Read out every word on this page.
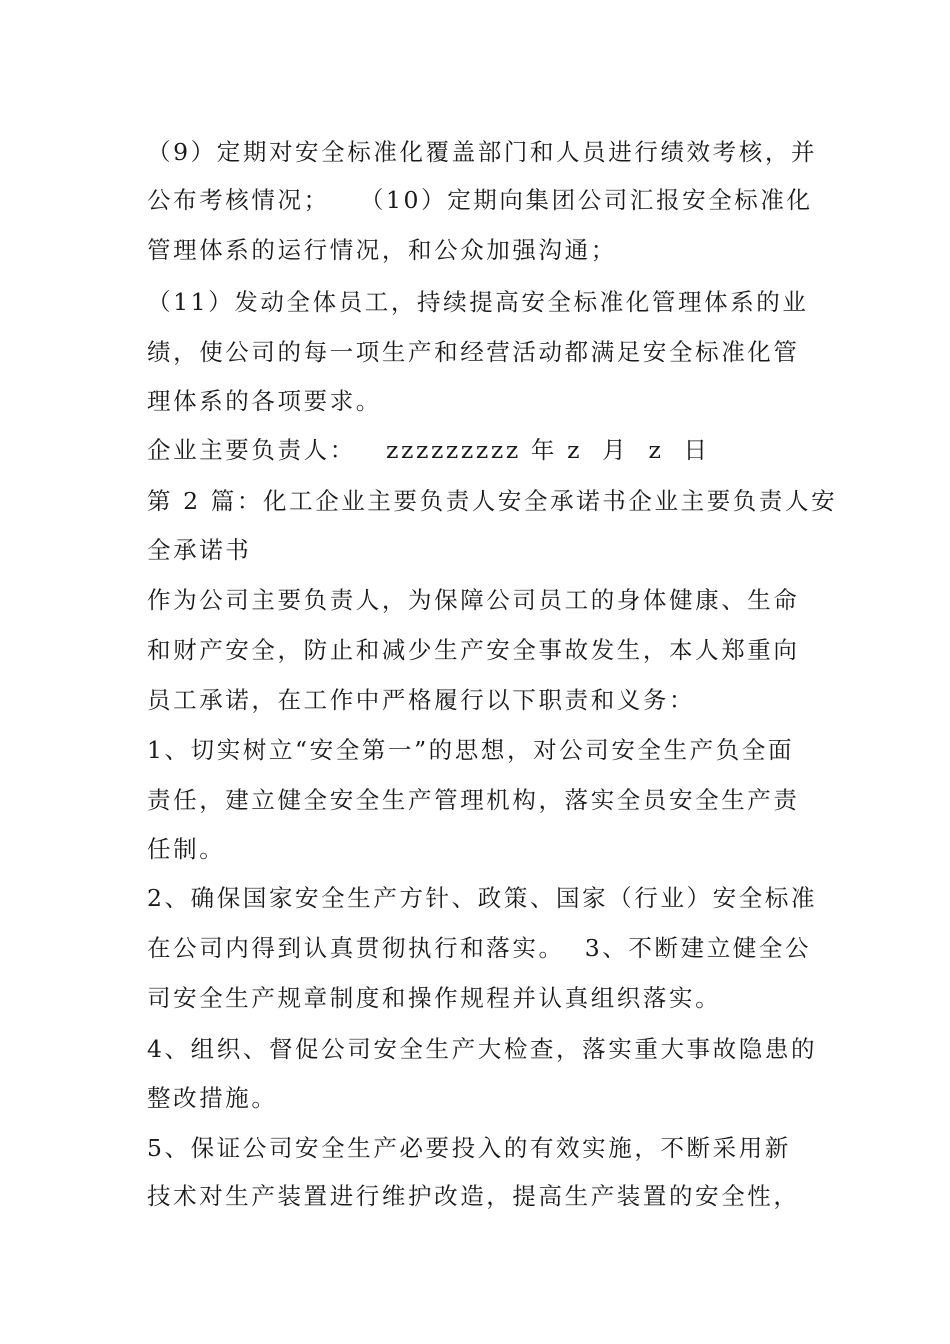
（9）定期对安全标准化覆盖部门和人员进行绩效考核，并
公布考核情况；   （10）定期向集团公司汇报安全标准化
管理体系的运行情况，和公众加强沟通；
（11）发动全体员工，持续提高安全标准化管理体系的业
绩，使公司的每一项生产和经营活动都满足安全标准化管
理体系的各项要求。
企业主要负责人：   zzzzzzzzz 年 z  月  z  日
第 2 篇：化工企业主要负责人安全承诺书企业主要负责人安
全承诺书
作为公司主要负责人，为保障公司员工的身体健康、生命
和财产安全，防止和减少生产安全事故发生，本人郑重向
员工承诺，在工作中严格履行以下职责和义务：
1、切实树立“安全第一”的思想，对公司安全生产负全面
责任，建立健全安全生产管理机构，落实全员安全生产责
任制。
2、确保国家安全生产方针、政策、国家（行业）安全标准
在公司内得到认真贯彻执行和落实。  3、不断建立健全公
司安全生产规章制度和操作规程并认真组织落实。
4、组织、督促公司安全生产大检查，落实重大事故隐患的
整改措施。
5、保证公司安全生产必要投入的有效实施，不断采用新
技术对生产装置进行维护改造，提高生产装置的安全性，
